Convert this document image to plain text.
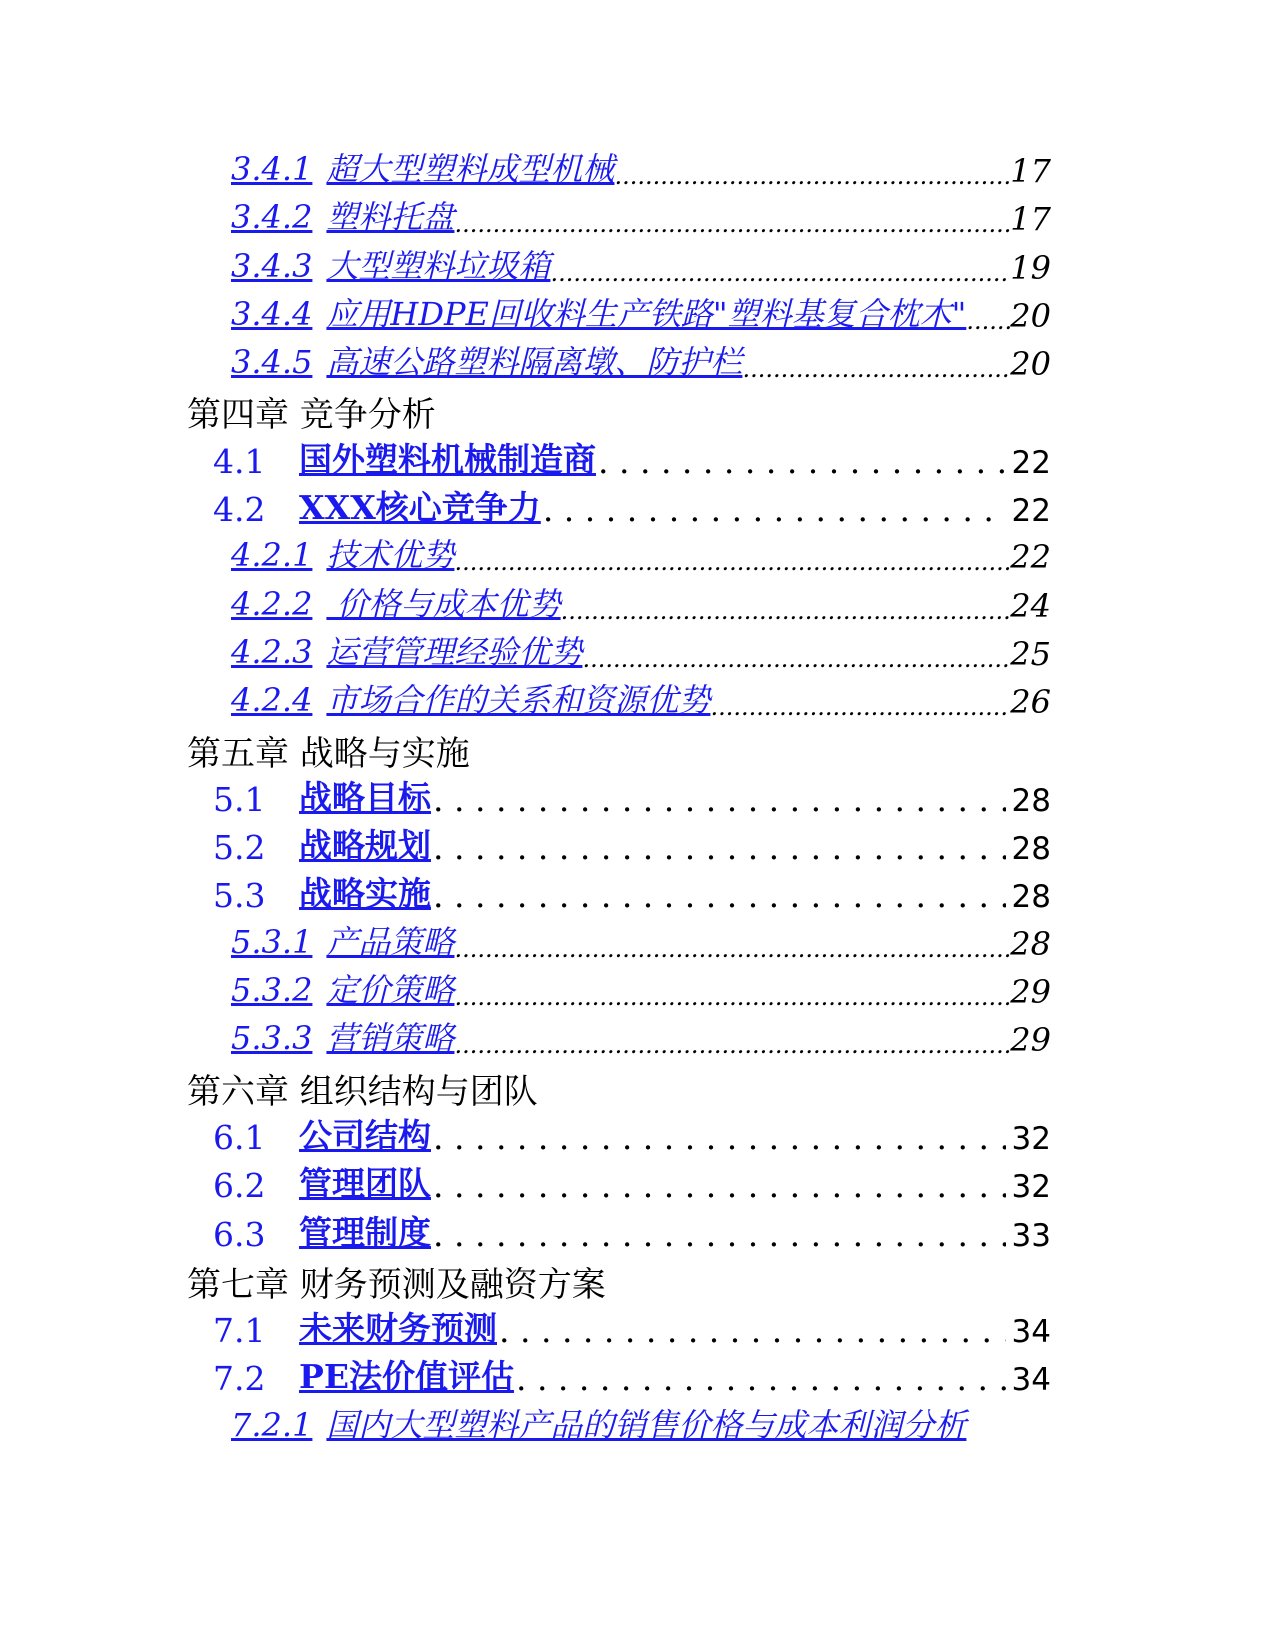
3.4.1 超大型塑料成型机械 .....	17
3.4.2 塑料托盘 .....	17
3.4.3 大型塑料垃圾箱 .....	19
3.4.4 应用HDPE回收料生产铁路"塑料基复合枕木" ..... 20
3.4.5 高速公路塑料隔离墩、防护栏 .....	20
第四章 竞争分析
4.1	国外塑料机械制造商 . . .	22
4.2	XXX核心竞争力 . . .	22
4.2.1 技术优势 .....	22
4.2.2 价格与成本优势 .....	24
4.2.3 运营管理经验优势 .....	25
4.2.4 市场合作的关系和资源优势 .....	26
第五章 战略与实施
5.1	战略目标 . . .	28
5.2	战略规划 . . .	28
5.3	战略实施 . . .	28
5.3.1 产品策略 .....	28
5.3.2 定价策略 .....	29
5.3.3 营销策略 .....	29
第六章 组织结构与团队
6.1	公司结构 . . .	32
6.2	管理团队 . . .	32
6.3	管理制度 . . .	33
第七章 财务预测及融资方案
7.1	未来财务预测 . . .	34
7.2	PE法价值评估 . . .	34
7.2.1 国内大型塑料产品的销售价格与成本利润分析
